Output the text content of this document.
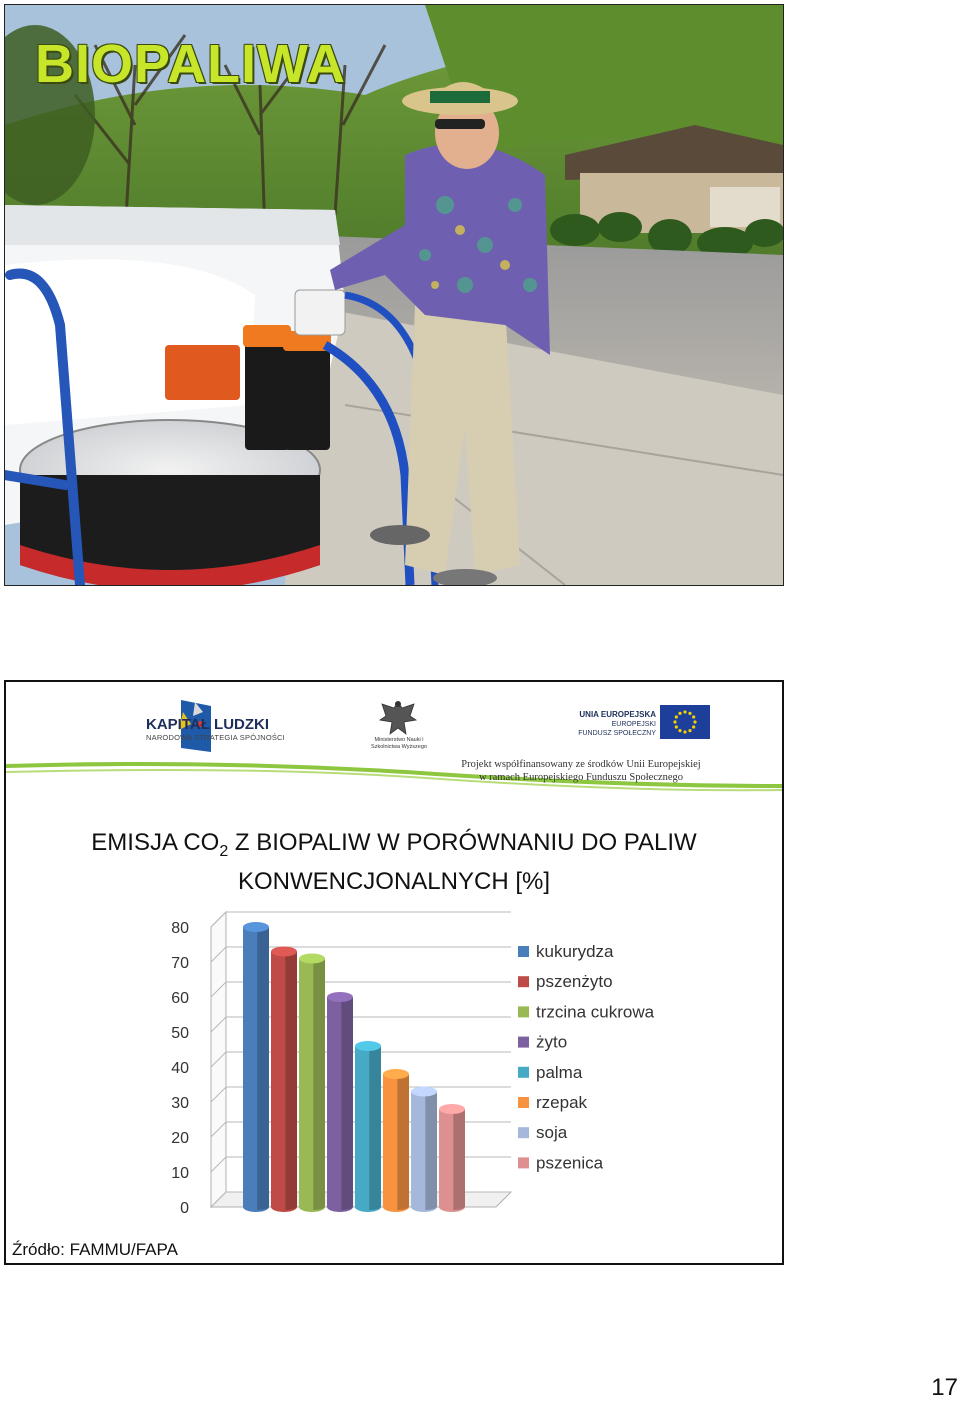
BIOPALIWA
KAPITAŁ LUDZKI
NARODOWA STRATEGIA SPÓJNOŚCI	Ministerstwo Nauki i Szkolnictwa Wyższego
UNIA EUROPEJSKA
EUROPEJSKI
FUNDUSZ SPOŁECZNY
Projekt współfinansowany ze środków Unii Europejskiej
w ramach Europejskiego Funduszu Społecznego
EMISJA $CO_2$ Z BIOPALIW W PORÓWNANIU DO PALIW
KONWENCJONALNYCH [%]
0
10
20
30
40
50
60
70
80
kukurydza
pszenżyto
trzcina cukrowa
żyto
palma
rzepak
soja
pszenica
Źródło: FAMMU/FAPA
17
